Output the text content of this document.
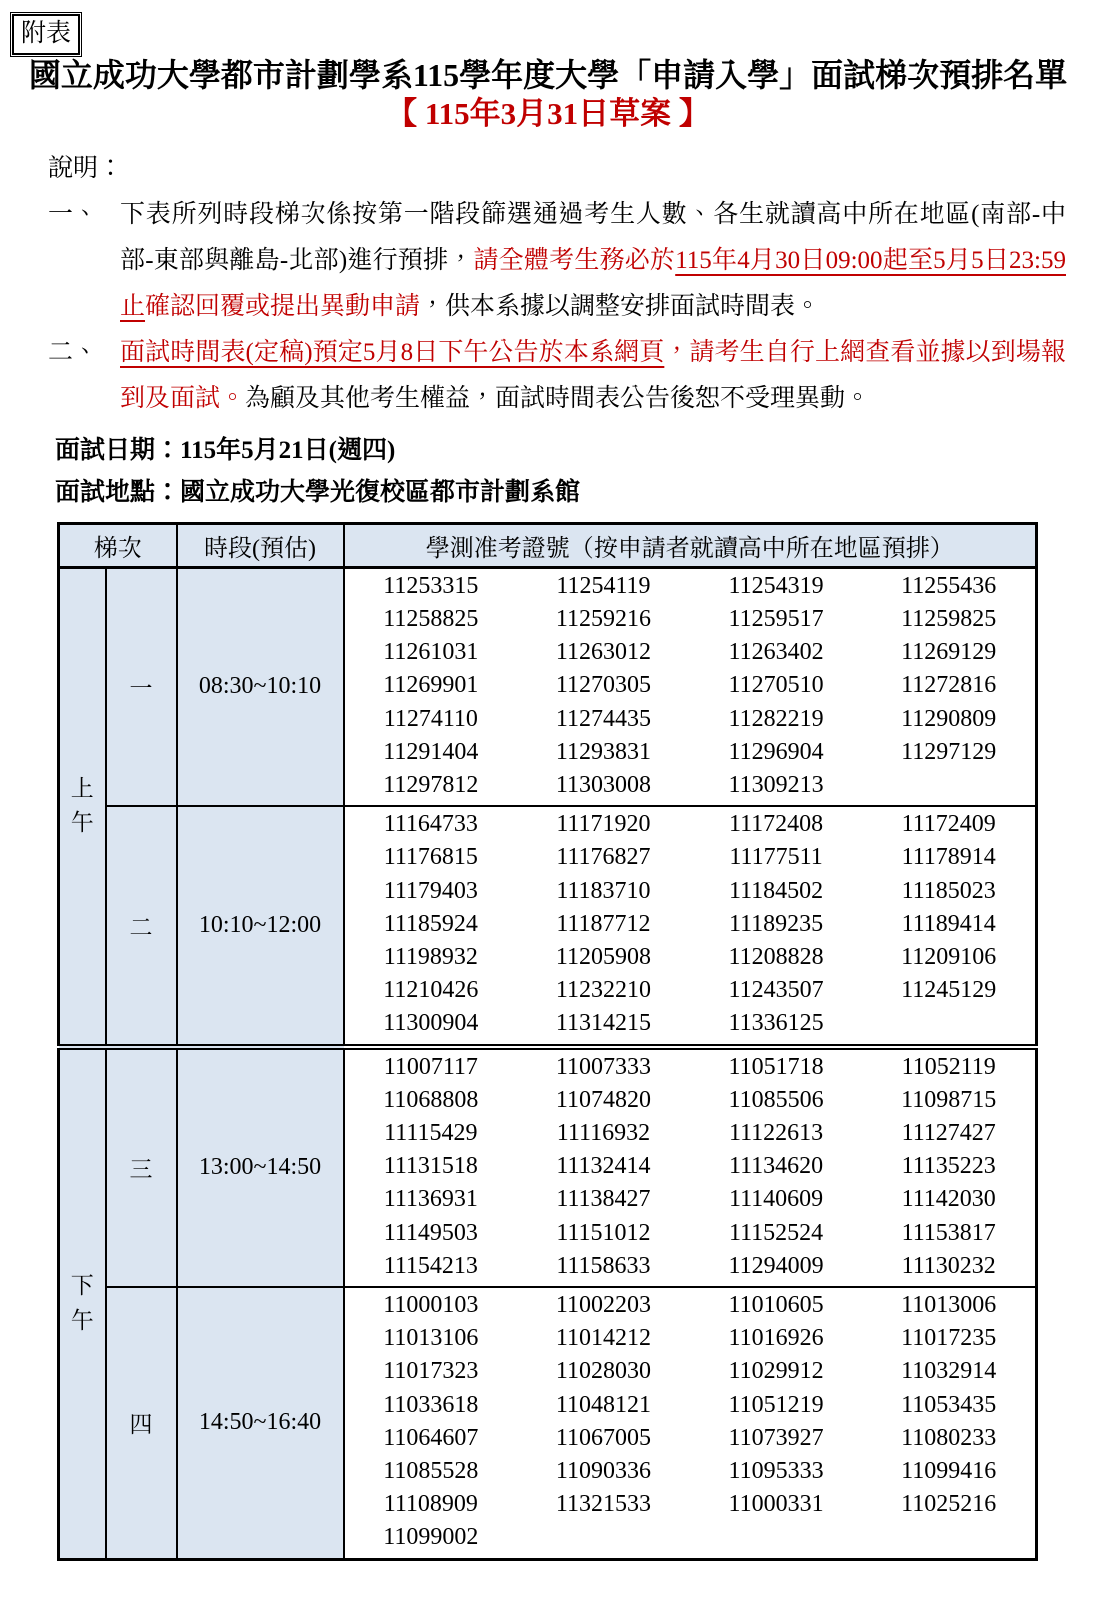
附表
國立成功大學都市計劃學系115學年度大學「申請入學」面試梯次預排名單
【 115年3月31日草案 】
說明：
一、 下表所列時段梯次係按第一階段篩選通過考生人數、各生就讀高中所在地區(南部-中部-東部與離島-北部)進行預排，請全體考生務必於115年4月30日09:00起至5月5日23:59止確認回覆或提出異動申請，供本系據以調整安排面試時間表。
二、 面試時間表(定稿)預定5月8日下午公告於本系網頁，請考生自行上網查看並據以到場報到及面試。為顧及其他考生權益，面試時間表公告後恕不受理異動。
面試日期：115年5月21日(週四)
面試地點：國立成功大學光復校區都市計劃系館
梯次		時段(預估)	學測准考證號（按申請者就讀高中所在地區預排）

上
午
	一	08:30~10:10	
11253315	11254119	11254319	11255436
11258825	11259216	11259517	11259825
11261031	11263012	11263402	11269129
11269901	11270305	11270510	11272816
11274110	11274435	11282219	11290809
11291404	11293831	11296904	11297129
11297812	11303008	11309213

二	10:10~12:00	
11164733	11171920	11172408	11172409
11176815	11176827	11177511	11178914
11179403	11183710	11184502	11185023
11185924	11187712	11189235	11189414
11198932	11205908	11208828	11209106
11210426	11232210	11243507	11245129
11300904	11314215	11336125

下
午
	三	13:00~14:50	
11007117	11007333	11051718	11052119
11068808	11074820	11085506	11098715
11115429	11116932	11122613	11127427
11131518	11132414	11134620	11135223
11136931	11138427	11140609	11142030
11149503	11151012	11152524	11153817
11154213	11158633	11294009	11130232

四	14:50~16:40	
11000103	11002203	11010605	11013006
11013106	11014212	11016926	11017235
11017323	11028030	11029912	11032914
11033618	11048121	11051219	11053435
11064607	11067005	11073927	11080233
11085528	11090336	11095333	11099416
11108909	11321533	11000331	11025216
11099002
